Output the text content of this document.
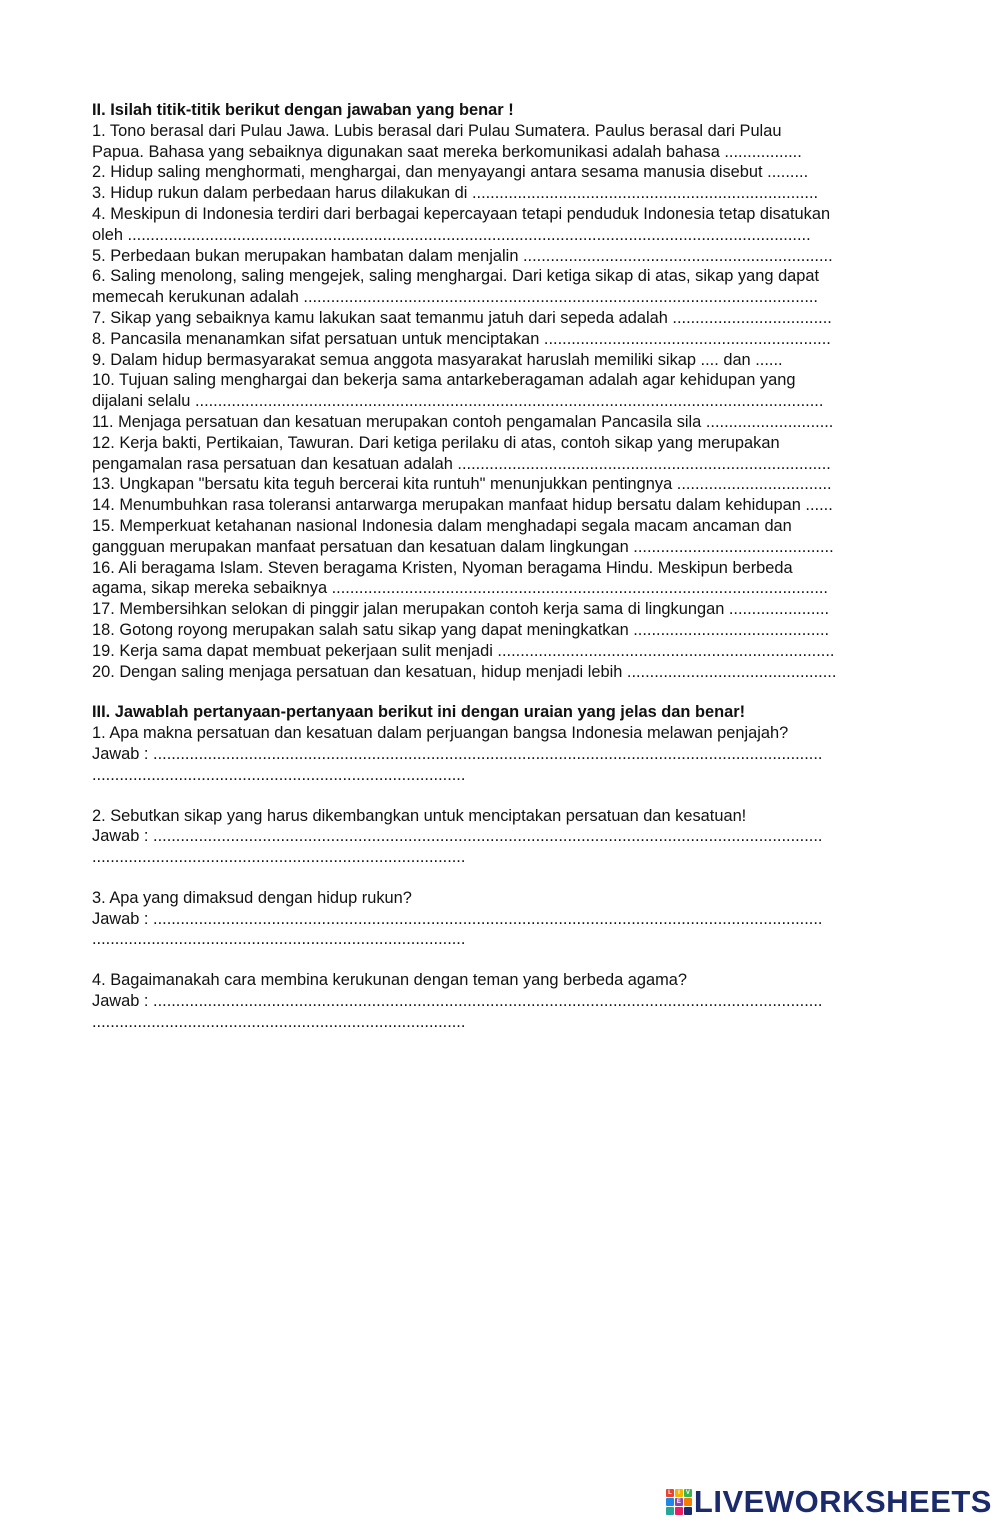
II. Isilah titik-titik berikut dengan jawaban yang benar !
1. Tono berasal dari Pulau Jawa. Lubis berasal dari Pulau Sumatera. Paulus berasal dari Pulau
Papua. Bahasa yang sebaiknya digunakan saat mereka berkomunikasi adalah bahasa .................
2. Hidup saling menghormati, menghargai, dan menyayangi antara sesama manusia disebut .........
3. Hidup rukun dalam perbedaan harus dilakukan di ............................................................................
4. Meskipun di Indonesia terdiri dari berbagai kepercayaan tetapi penduduk Indonesia tetap disatukan
oleh ......................................................................................................................................................
5. Perbedaan bukan merupakan hambatan dalam menjalin ....................................................................
6. Saling menolong, saling mengejek, saling menghargai. Dari ketiga sikap di atas, sikap yang dapat
memecah kerukunan adalah .................................................................................................................
7. Sikap yang sebaiknya kamu lakukan saat temanmu jatuh dari sepeda adalah ...................................
8. Pancasila menanamkan sifat persatuan untuk menciptakan ...............................................................
9. Dalam hidup bermasyarakat semua anggota masyarakat haruslah memiliki sikap .... dan ......
10. Tujuan saling menghargai dan bekerja sama antarkeberagaman adalah agar kehidupan yang
dijalani selalu ..........................................................................................................................................
11. Menjaga persatuan dan kesatuan merupakan contoh pengamalan Pancasila sila ............................
12. Kerja bakti, Pertikaian, Tawuran. Dari ketiga perilaku di atas, contoh sikap yang merupakan
pengamalan rasa persatuan dan kesatuan adalah ..................................................................................
13. Ungkapan "bersatu kita teguh bercerai kita runtuh" menunjukkan pentingnya ..................................
14. Menumbuhkan rasa toleransi antarwarga merupakan manfaat hidup bersatu dalam kehidupan ......
15. Memperkuat ketahanan nasional Indonesia dalam menghadapi segala macam ancaman dan
gangguan merupakan manfaat persatuan dan kesatuan dalam lingkungan ............................................
16. Ali beragama Islam. Steven beragama Kristen, Nyoman beragama Hindu. Meskipun berbeda
agama, sikap mereka sebaiknya .............................................................................................................
17. Membersihkan selokan di pinggir jalan merupakan contoh kerja sama di lingkungan ......................
18. Gotong royong merupakan salah satu sikap yang dapat meningkatkan ...........................................
19. Kerja sama dapat membuat pekerjaan sulit menjadi ..........................................................................
20. Dengan saling menjaga persatuan dan kesatuan, hidup menjadi lebih ..............................................
III. Jawablah pertanyaan-pertanyaan berikut ini dengan uraian yang jelas dan benar!
1. Apa makna persatuan dan kesatuan dalam perjuangan bangsa Indonesia melawan penjajah?
Jawab : ...................................................................................................................................................
..................................................................................
2. Sebutkan sikap yang harus dikembangkan untuk menciptakan persatuan dan kesatuan!
Jawab : ...................................................................................................................................................
..................................................................................
3. Apa yang dimaksud dengan hidup rukun?
Jawab : ...................................................................................................................................................
..................................................................................
4. Bagaimanakah cara membina kerukunan dengan teman yang berbeda agama?
Jawab : ...................................................................................................................................................
..................................................................................
L	I	V
E LIVEWORKSHEETS
